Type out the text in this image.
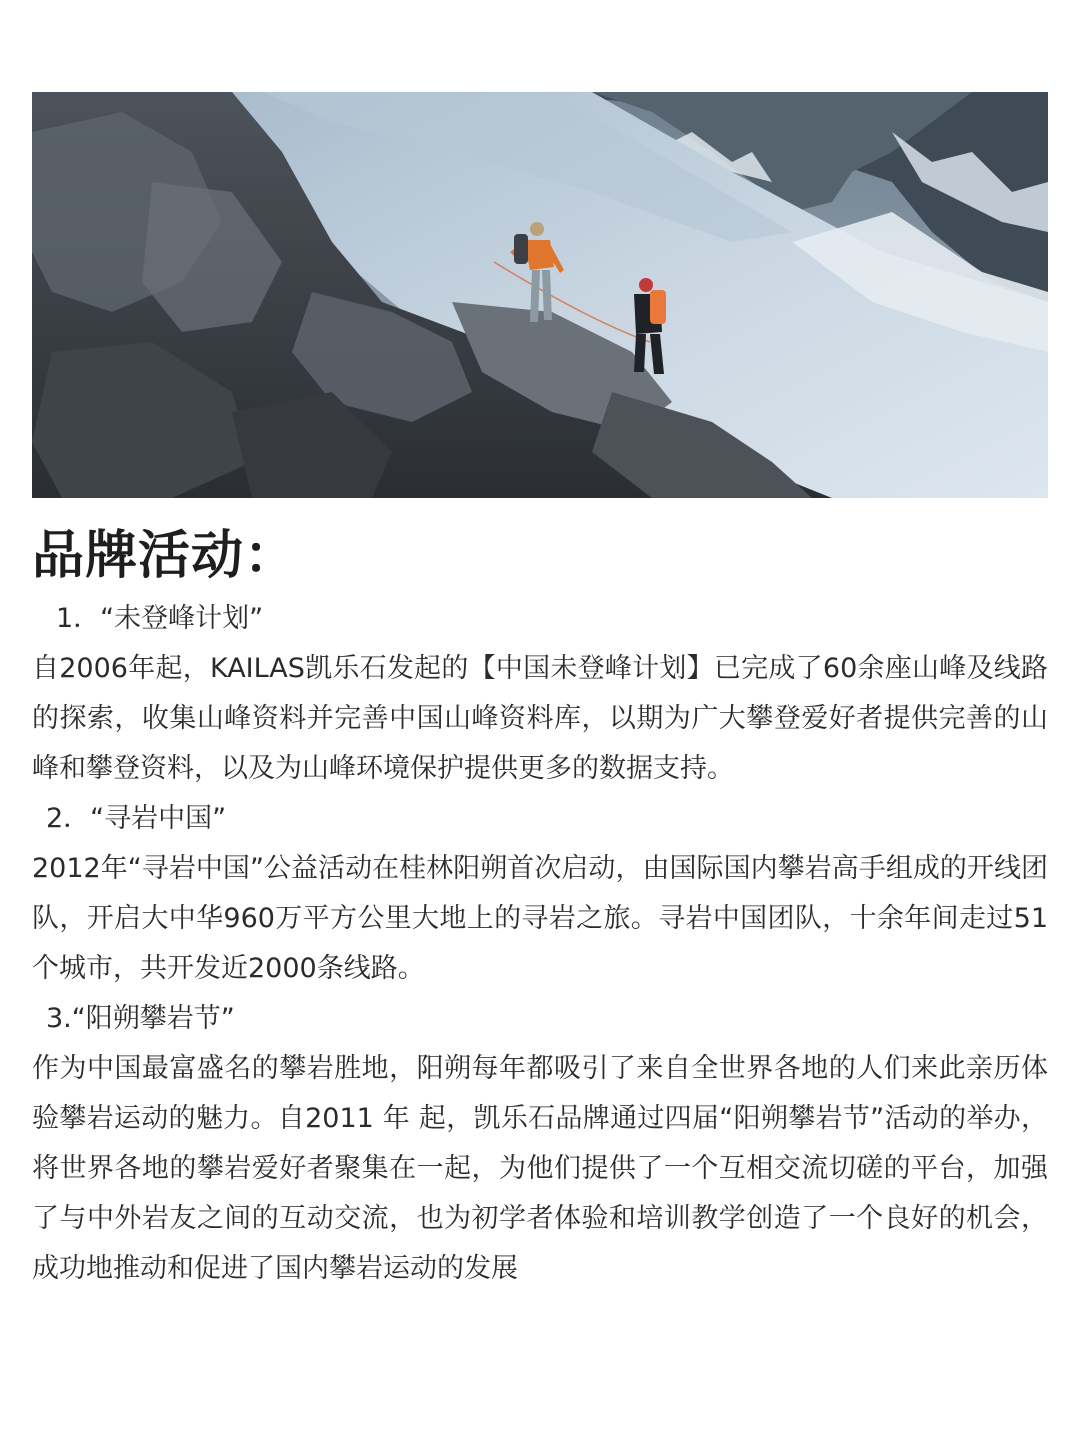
品牌活动：

1．“未登峰计划”

自2006年起，KAILAS凯乐石发起的【中国未登峰计划】已完成了60余座山峰及线路的探索，收集山峰资料并完善中国山峰资料库，以期为广大攀登爱好者提供完善的山峰和攀登资料，以及为山峰环境保护提供更多的数据支持。

2．“寻岩中国”

2012年“寻岩中国”公益活动在桂林阳朔首次启动，由国际国内攀岩高手组成的开线团队，开启大中华960万平方公里大地上的寻岩之旅。寻岩中国团队，十余年间走过51个城市，共开发近2000条线路。

3.“阳朔攀岩节”

作为中国最富盛名的攀岩胜地，阳朔每年都吸引了来自全世界各地的人们来此亲历体验攀岩运动的魅力。自2011 年 起，凯乐石品牌通过四届“阳朔攀岩节”活动的举办，将世界各地的攀岩爱好者聚集在一起，为他们提供了一个互相交流切磋的平台，加强了与中外岩友之间的互动交流，也为初学者体验和培训教学创造了一个良好的机会，成功地推动和促进了国内攀岩运动的发展
